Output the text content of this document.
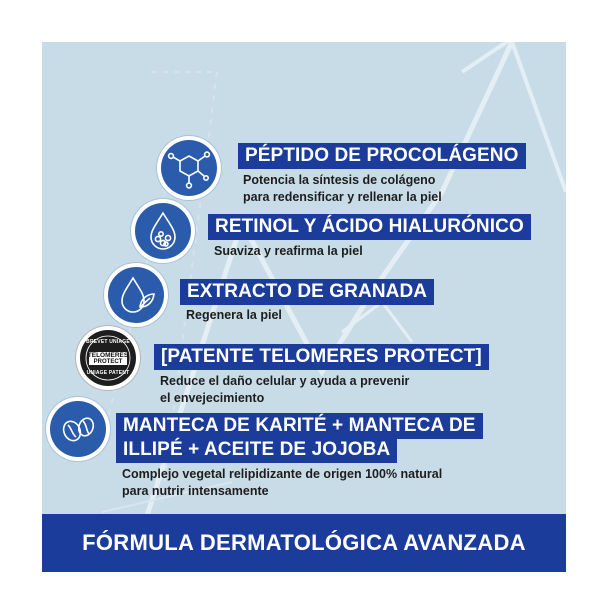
PÉPTIDO DE PROCOLÁGENO
Potencia la síntesis de colágeno
para redensificar y rellenar la piel
RETINOL Y ÁCIDO HIALURÓNICO
Suaviza y reafirma la piel
EXTRACTO DE GRANADA
Regenera la piel
BREVET UNIAGE
TELOMERES
PROTECT
UNIAGE PATENT
[PATENTE TELOMERES PROTECT]
Reduce el daño celular y ayuda a prevenir
el envejecimiento
MANTECA DE KARITÉ + MANTECA DE
ILLIPÉ + ACEITE DE JOJOBA
Complejo vegetal relipidizante de origen 100% natural
para nutrir intensamente
FÓRMULA DERMATOLÓGICA AVANZADA
